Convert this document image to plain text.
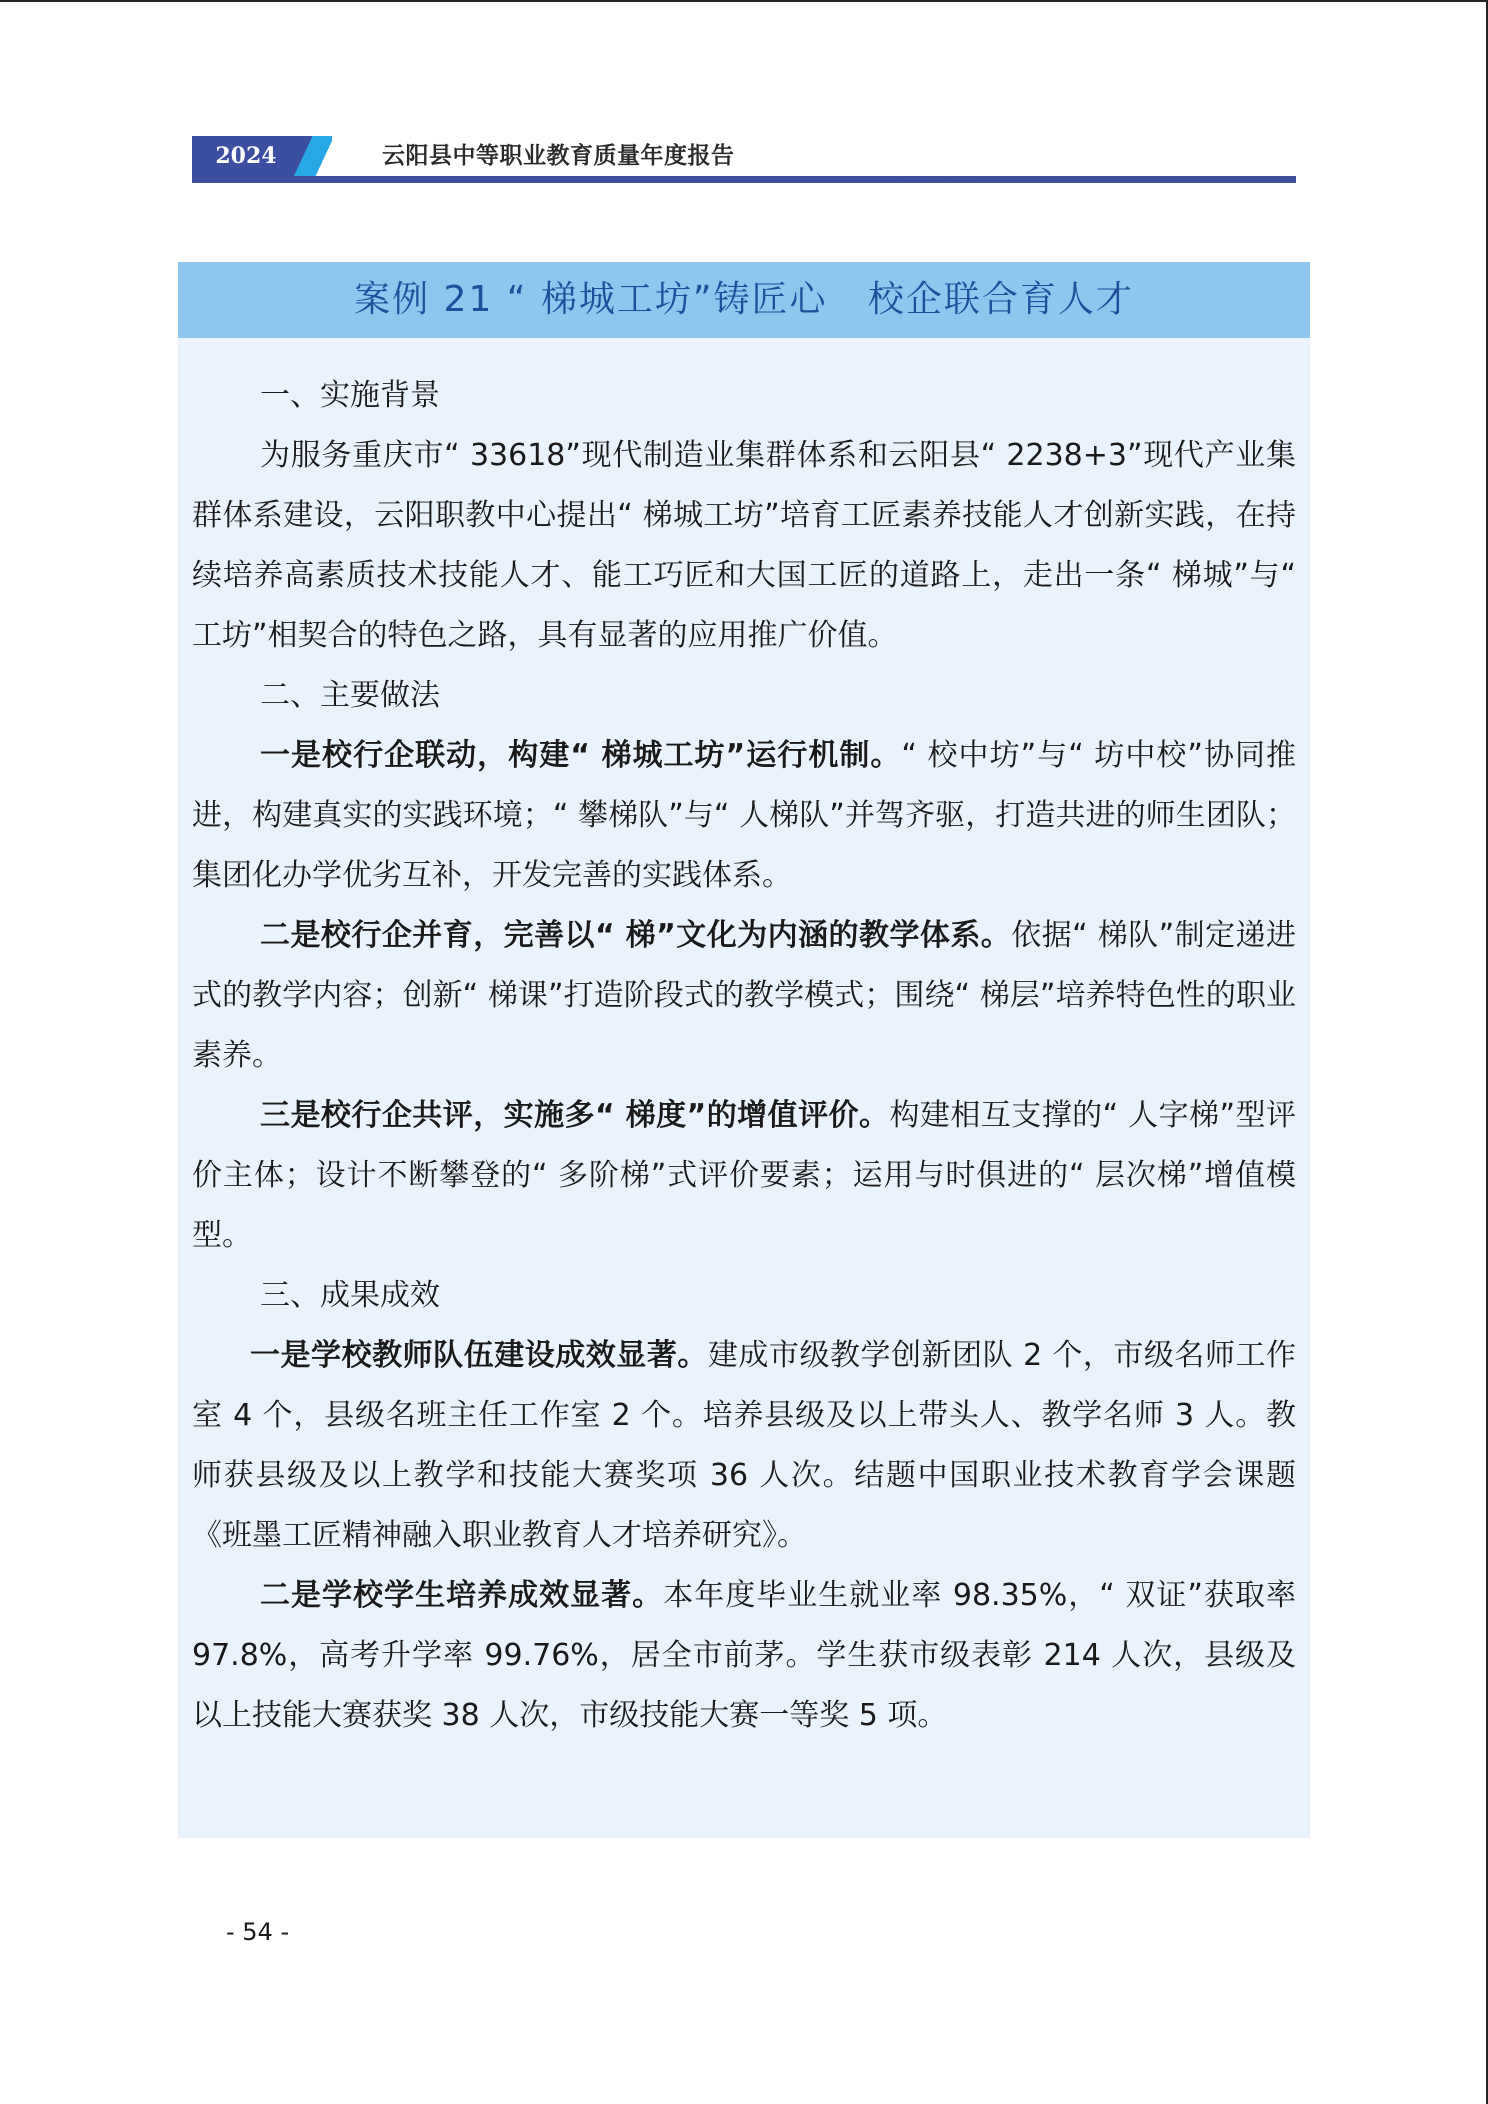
2024	云阳县中等职业教育质量年度报告
案例 21 “ 梯城工坊”铸匠心   校企联合育人才

一、实施背景

为服务重庆市“ 33618”现代制造业集群体系和云阳县“ 2238+3”现代产业集群体系建设，云阳职教中心提出“ 梯城工坊”培育工匠素养技能人才创新实践，在持续培养高素质技术技能人才、能工巧匠和大国工匠的道路上，走出一条“ 梯城”与“ 工坊”相契合的特色之路，具有显著的应用推广价值。

二、主要做法

一是校行企联动，构建“ 梯城工坊”运行机制。“ 校中坊”与“ 坊中校”协同推进，构建真实的实践环境；“ 攀梯队”与“ 人梯队”并驾齐驱，打造共进的师生团队；集团化办学优劣互补，开发完善的实践体系。

二是校行企并育，完善以“ 梯”文化为内涵的教学体系。依据“ 梯队”制定递进式的教学内容；创新“ 梯课”打造阶段式的教学模式；围绕“ 梯层”培养特色性的职业素养。

三是校行企共评，实施多“ 梯度”的增值评价。构建相互支撑的“ 人字梯”型评价主体；设计不断攀登的“ 多阶梯”式评价要素；运用与时俱进的“ 层次梯”增值模型。

三、成果成效

一是学校教师队伍建设成效显著。建成市级教学创新团队 2 个，市级名师工作室 4 个，县级名班主任工作室 2 个。培养县级及以上带头人、教学名师 3 人。教师获县级及以上教学和技能大赛奖项 36 人次。结题中国职业技术教育学会课题《班墨工匠精神融入职业教育人才培养研究》。

二是学校学生培养成效显著。本年度毕业生就业率 98.35%，“ 双证”获取率 97.8%，高考升学率 99.76%，居全市前茅。学生获市级表彰 214 人次，县级及以上技能大赛获奖 38 人次，市级技能大赛一等奖 5 项。

- 54 -
